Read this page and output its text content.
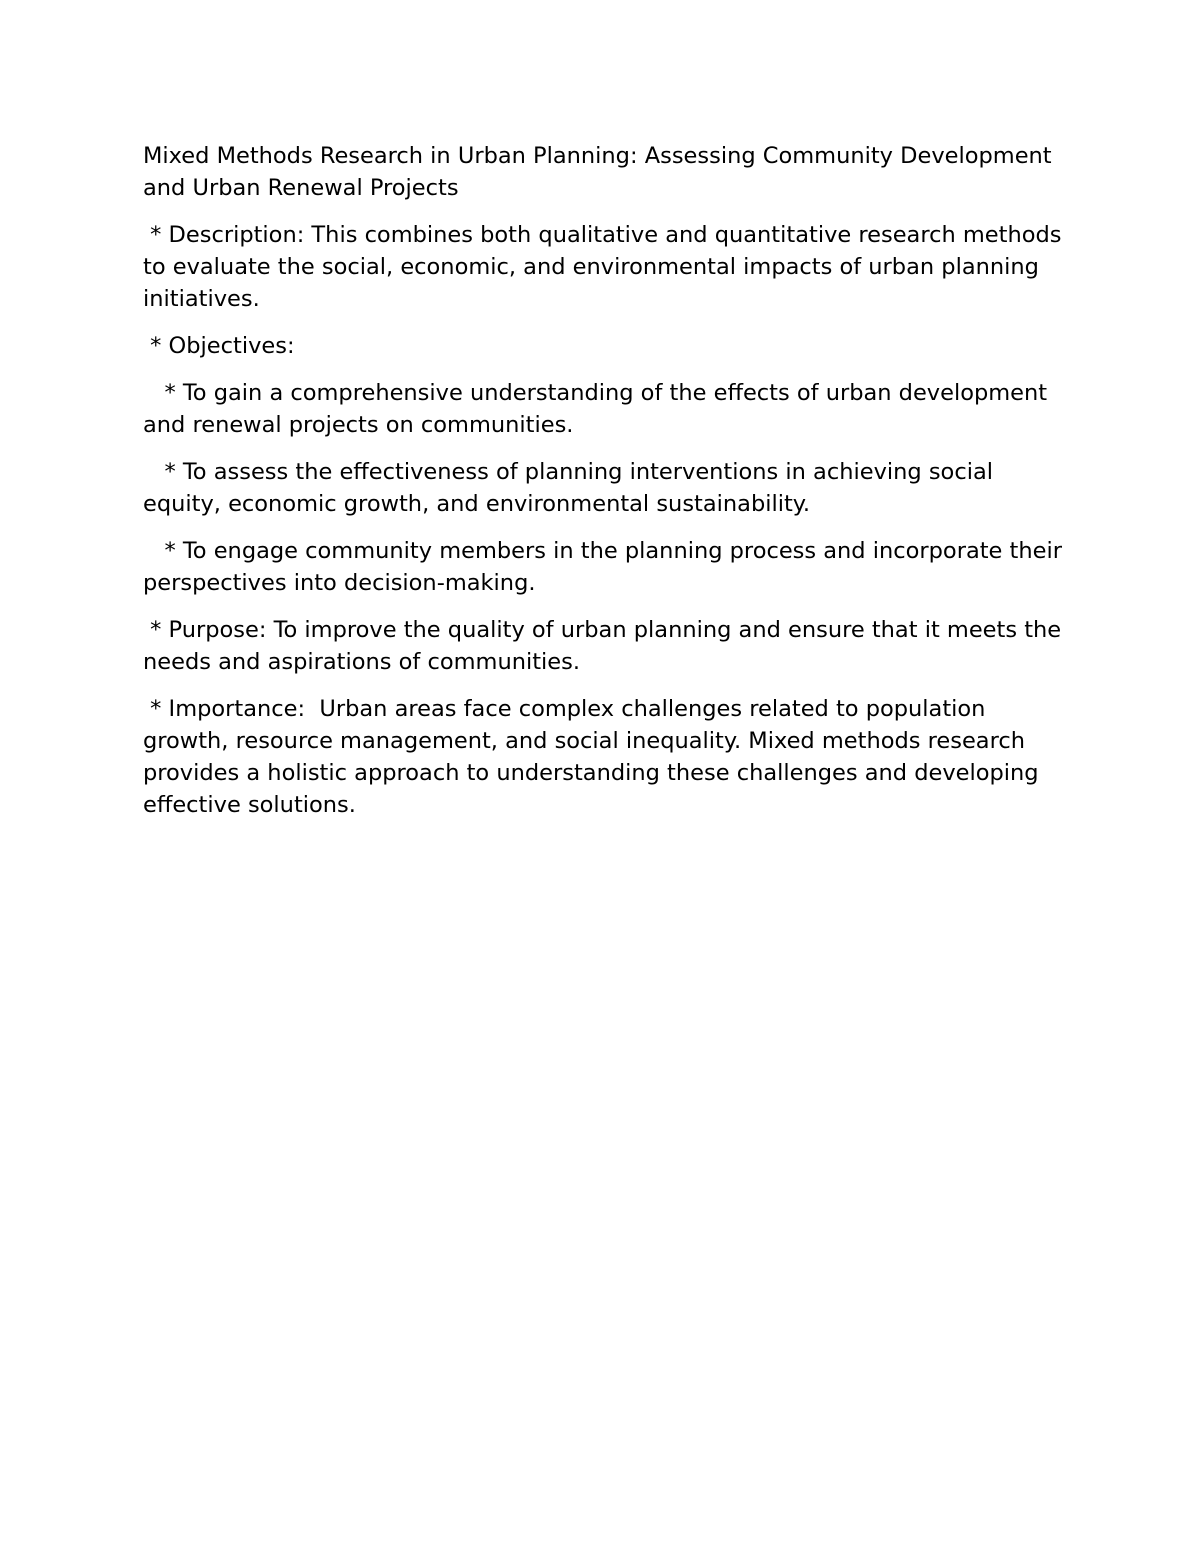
Mixed Methods Research in Urban Planning: Assessing Community Development and Urban Renewal Projects

* Description: This combines both qualitative and quantitative research methods to evaluate the social, economic, and environmental impacts of urban planning initiatives.

* Objectives:

* To gain a comprehensive understanding of the effects of urban development and renewal projects on communities.

* To assess the effectiveness of planning interventions in achieving social equity, economic growth, and environmental sustainability.

* To engage community members in the planning process and incorporate their perspectives into decision-making.

* Purpose: To improve the quality of urban planning and ensure that it meets the needs and aspirations of communities.

* Importance:  Urban areas face complex challenges related to population growth, resource management, and social inequality. Mixed methods research provides a holistic approach to understanding these challenges and developing effective solutions.
